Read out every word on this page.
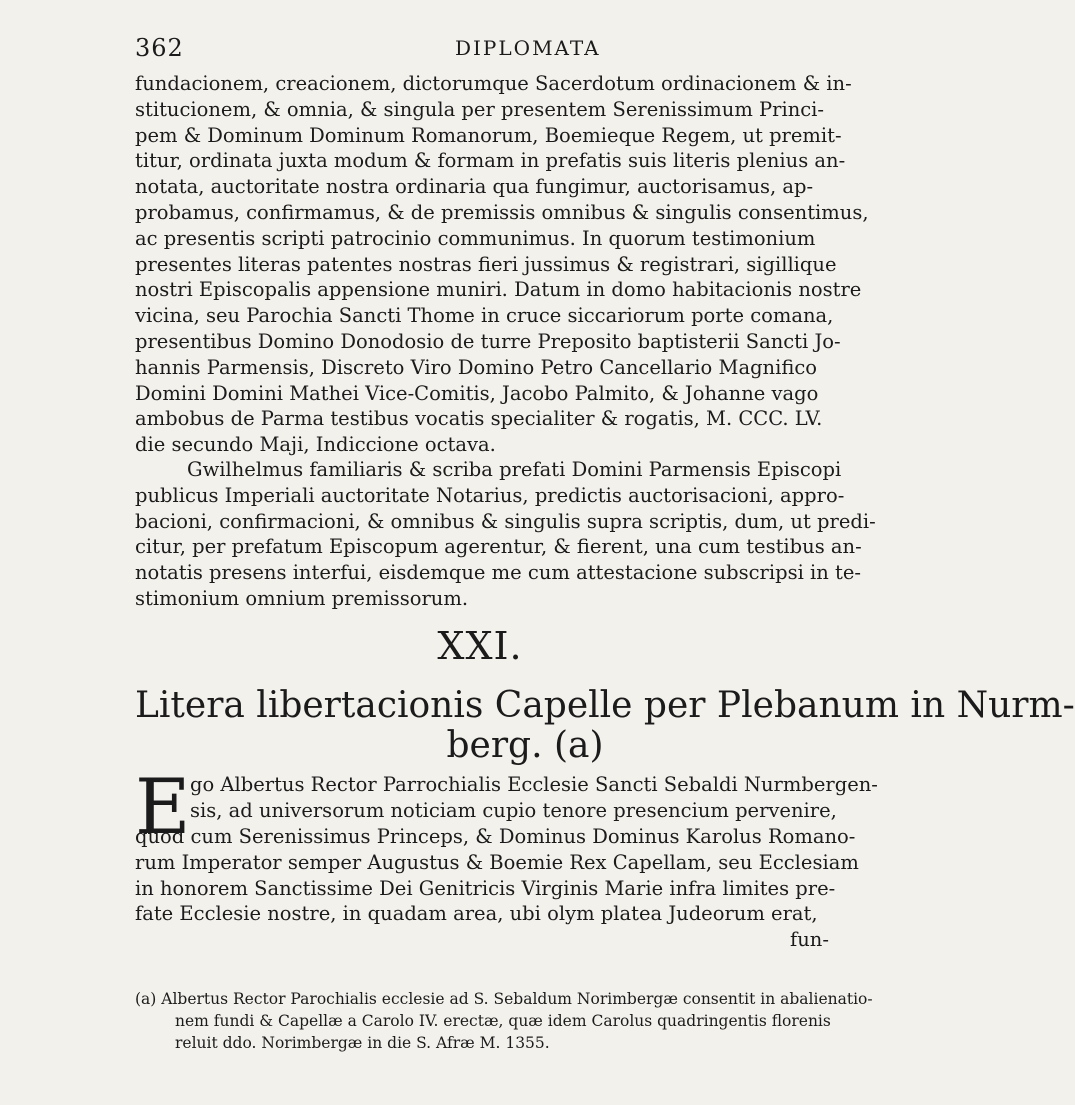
362	DIPLOMATA
fundacionem, creacionem, dictorumque Sacerdotum ordinacionem & in-
stitucionem, & omnia, & singula per presentem Serenissimum Princi-
pem & Dominum Dominum Romanorum, Boemieque Regem, ut premit-
titur, ordinata juxta modum & formam in prefatis suis literis plenius an-
notata, auctoritate nostra ordinaria qua fungimur, auctorisamus, ap-
probamus, confirmamus, & de premissis omnibus & singulis consentimus,
ac presentis scripti patrocinio communimus. In quorum testimonium
presentes literas patentes nostras fieri jussimus & registrari, sigillique
nostri Episcopalis appensione muniri. Datum in domo habitacionis nostre
vicina, seu Parochia Sancti Thome in cruce siccariorum porte comana,
presentibus Domino Donodosio de turre Preposito baptisterii Sancti Jo-
hannis Parmensis, Discreto Viro Domino Petro Cancellario Magnifico
Domini Domini Mathei Vice-Comitis, Jacobo Palmito, & Johanne vago
ambobus de Parma testibus vocatis specialiter & rogatis, M. CCC. LV.
die secundo Maji, Indiccione octava.
Gwilhelmus familiaris & scriba prefati Domini Parmensis Episcopi
publicus Imperiali auctoritate Notarius, predictis auctorisacioni, appro-
bacioni, confirmacioni, & omnibus & singulis supra scriptis, dum, ut predi-
citur, per prefatum Episcopum agerentur, & fierent, una cum testibus an-
notatis presens interfui, eisdemque me cum attestacione subscripsi in te-
stimonium omnium premissorum.
XXI.
Litera libertacionis Capelle per Plebanum in Nurm-
berg. (a)
E go Albertus Rector Parrochialis Ecclesie Sancti Sebaldi Nurmbergen-
sis, ad universorum noticiam cupio tenore presencium pervenire,
quod cum Serenissimus Princeps, & Dominus Dominus Karolus Romano-
rum Imperator semper Augustus & Boemie Rex Capellam, seu Ecclesiam
in honorem Sanctissime Dei Genitricis Virginis Marie infra limites pre-
fate Ecclesie nostre, in quadam area, ubi olym platea Judeorum erat,
fun-
(a) Albertus Rector Parochialis ecclesie ad S. Sebaldum Norimbergæ consentit in abalienatio-
nem fundi & Capellæ a Carolo IV. erectæ, quæ idem Carolus quadringentis florenis
reluit ddo. Norimbergæ in die S. Afræ M. 1355.
